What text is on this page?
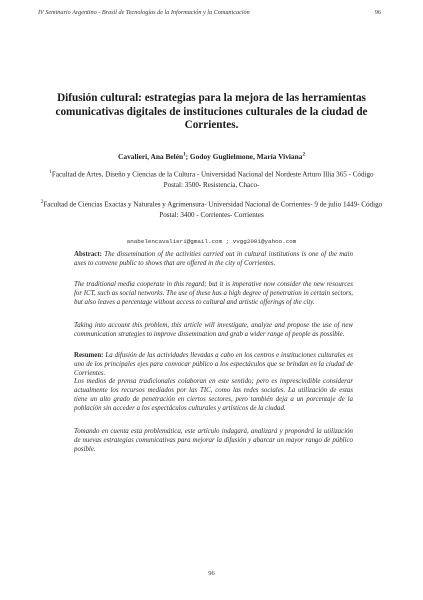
IV Seminario Argentino - Brasil de Tecnologías de la Información y la Comunicación	96
Difusión cultural: estrategias para la mejora de las herramientas comunicativas digitales de instituciones culturales de la ciudad de Corrientes.
Cavalieri, Ana Belén$^1$; Godoy Guglielmone, María Viviana$^2$
$^1$Facultad de Artes, Diseño y Ciencias de la Cultura - Universidad Nacional del Nordeste Arturo Illia 365 - Código Postal: 3500- Resistencia, Chaco-
$^2$Facultad de Ciencias Exactas y Naturales y Agrimensura- Universidad Nacional de Corrientes- 9 de julio 1449- Código Postal: 3400 - Corrientes- Corrientes
anabelencavalieri@gmail.com ; vvgg2001@yahoo.com
Abstract: The dissemination of the activities carried out in cultural institutions is one of the main axes to convene public to shows that are offered in the city of Corrientes.
The traditional media cooperate in this regard; but it is imperative now consider the new resources for ICT, such as social networks. The use of these has a high degree of penetration in certain sectors, but also leaves a percentage without access to cultural and artistic offerings of the city.
Taking into account this problem, this article will investigate, analyze and propose the use of new communication strategies to improve dissemination and grab a wider range of people as possible.
Resumen: La difusión de las actividades llevadas a cabo en los centros e instituciones culturales es uno de los principales ejes para convocar público a los espectáculos que se brindan en la ciudad de Corrientes.
Los medios de prensa tradicionales colaboran en este sentido; pero es imprescindible considerar actualmente los recursos mediados por las TIC, como las redes sociales. La utilización de estas tiene un alto grado de penetración en ciertos sectores, pero también deja a un porcentaje de la población sin acceder a los espectáculos culturales y artísticos de la ciudad.
Tomando en cuenta esta problemática, este artículo indagará, analizará y propondrá la utilización de nuevas estrategias comunicativas para mejorar la difusión y abarcar un mayor rango de público posible.
96
